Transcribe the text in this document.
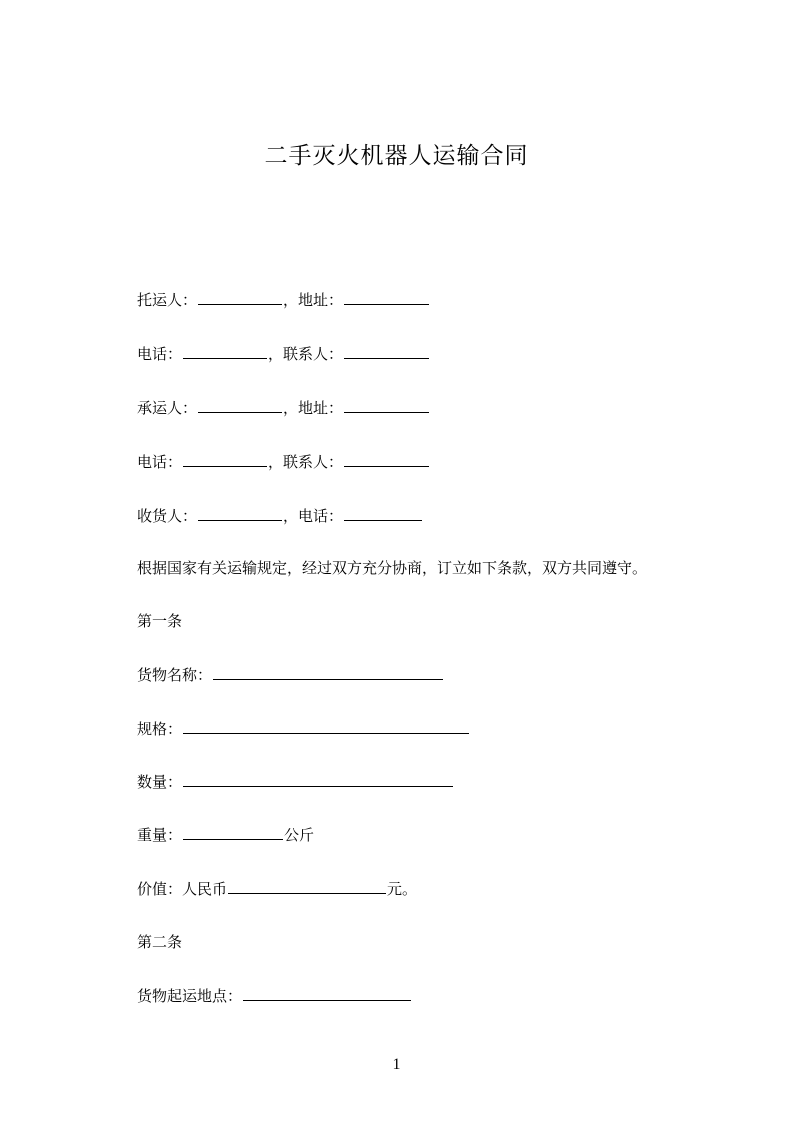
二手灭火机器人运输合同
托运人：	，地址：
电话：	，联系人：
承运人：	，地址：
电话：	，联系人：
收货人：	，电话：
根据国家有关运输规定，经过双方充分协商，订立如下条款，双方共同遵守。
第一条
货物名称：
规格：
数量：
重量：	公斤
价值：人民币	元。
第二条
货物起运地点：
1
